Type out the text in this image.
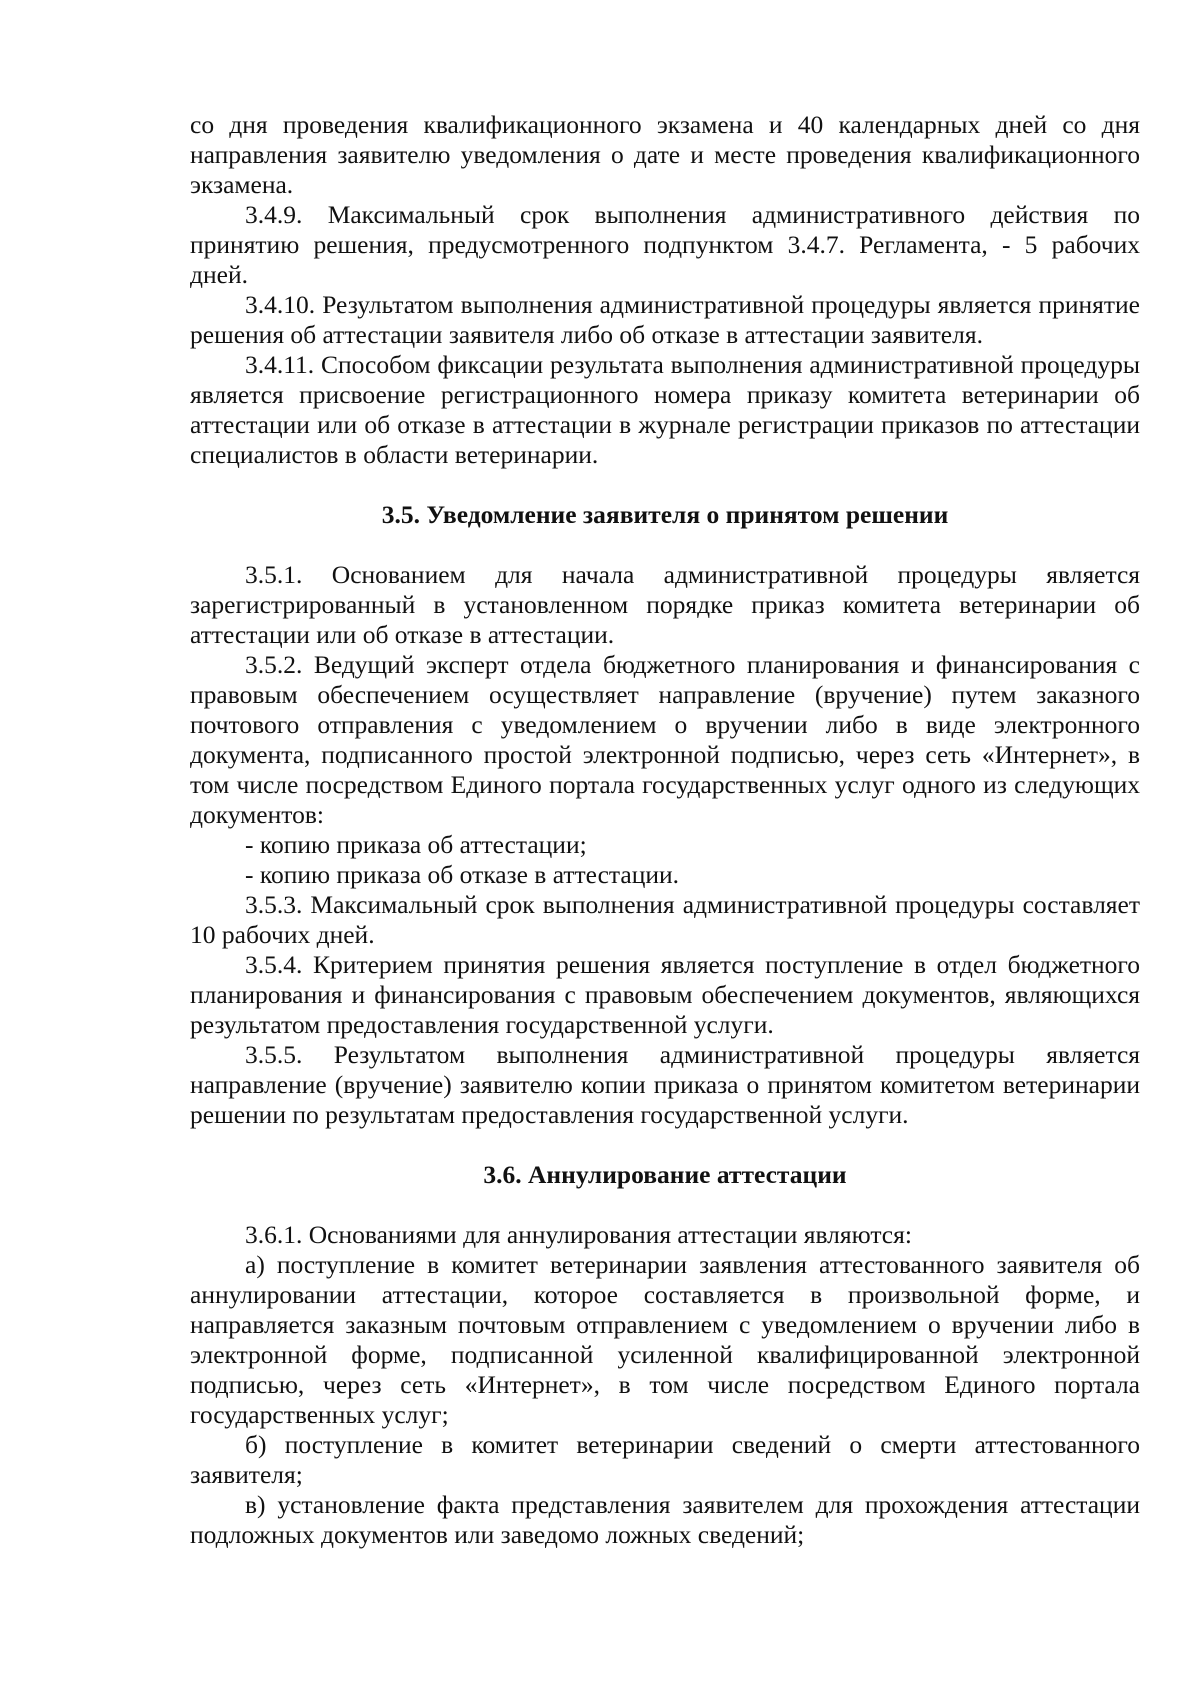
со дня проведения квалификационного экзамена и 40 календарных дней со дня направления заявителю уведомления о дате и месте проведения квалификационного экзамена.

3.4.9. Максимальный срок выполнения административного действия по принятию решения, предусмотренного подпунктом 3.4.7. Регламента, - 5 рабочих дней.

3.4.10. Результатом выполнения административной процедуры является принятие решения об аттестации заявителя либо об отказе в аттестации заявителя.

3.4.11. Способом фиксации результата выполнения административной процедуры является присвоение регистрационного номера приказу комитета ветеринарии об аттестации или об отказе в аттестации в журнале регистрации приказов по аттестации специалистов в области ветеринарии.

3.5. Уведомление заявителя о принятом решении

3.5.1. Основанием для начала административной процедуры является зарегистрированный в установленном порядке приказ комитета ветеринарии об аттестации или об отказе в аттестации.

3.5.2. Ведущий эксперт отдела бюджетного планирования и финансирования с правовым обеспечением осуществляет направление (вручение) путем заказного почтового отправления с уведомлением о вручении либо в виде электронного документа, подписанного простой электронной подписью, через сеть «Интернет», в том числе посредством Единого портала государственных услуг одного из следующих документов:

- копию приказа об аттестации;

- копию приказа об отказе в аттестации.

3.5.3. Максимальный срок выполнения административной процедуры составляет 10 рабочих дней.

3.5.4. Критерием принятия решения является поступление в отдел бюджетного планирования и финансирования с правовым обеспечением документов, являющихся результатом предоставления государственной услуги.

3.5.5. Результатом выполнения административной процедуры является направление (вручение) заявителю копии приказа о принятом комитетом ветеринарии решении по результатам предоставления государственной услуги.

3.6. Аннулирование аттестации

3.6.1. Основаниями для аннулирования аттестации являются:

а) поступление в комитет ветеринарии заявления аттестованного заявителя об аннулировании аттестации, которое составляется в произвольной форме, и направляется заказным почтовым отправлением с уведомлением о вручении либо в электронной форме, подписанной усиленной квалифицированной электронной подписью, через сеть «Интернет», в том числе посредством Единого портала государственных услуг;

б) поступление в комитет ветеринарии сведений о смерти аттестованного заявителя;

в) установление факта представления заявителем для прохождения аттестации подложных документов или заведомо ложных сведений;
